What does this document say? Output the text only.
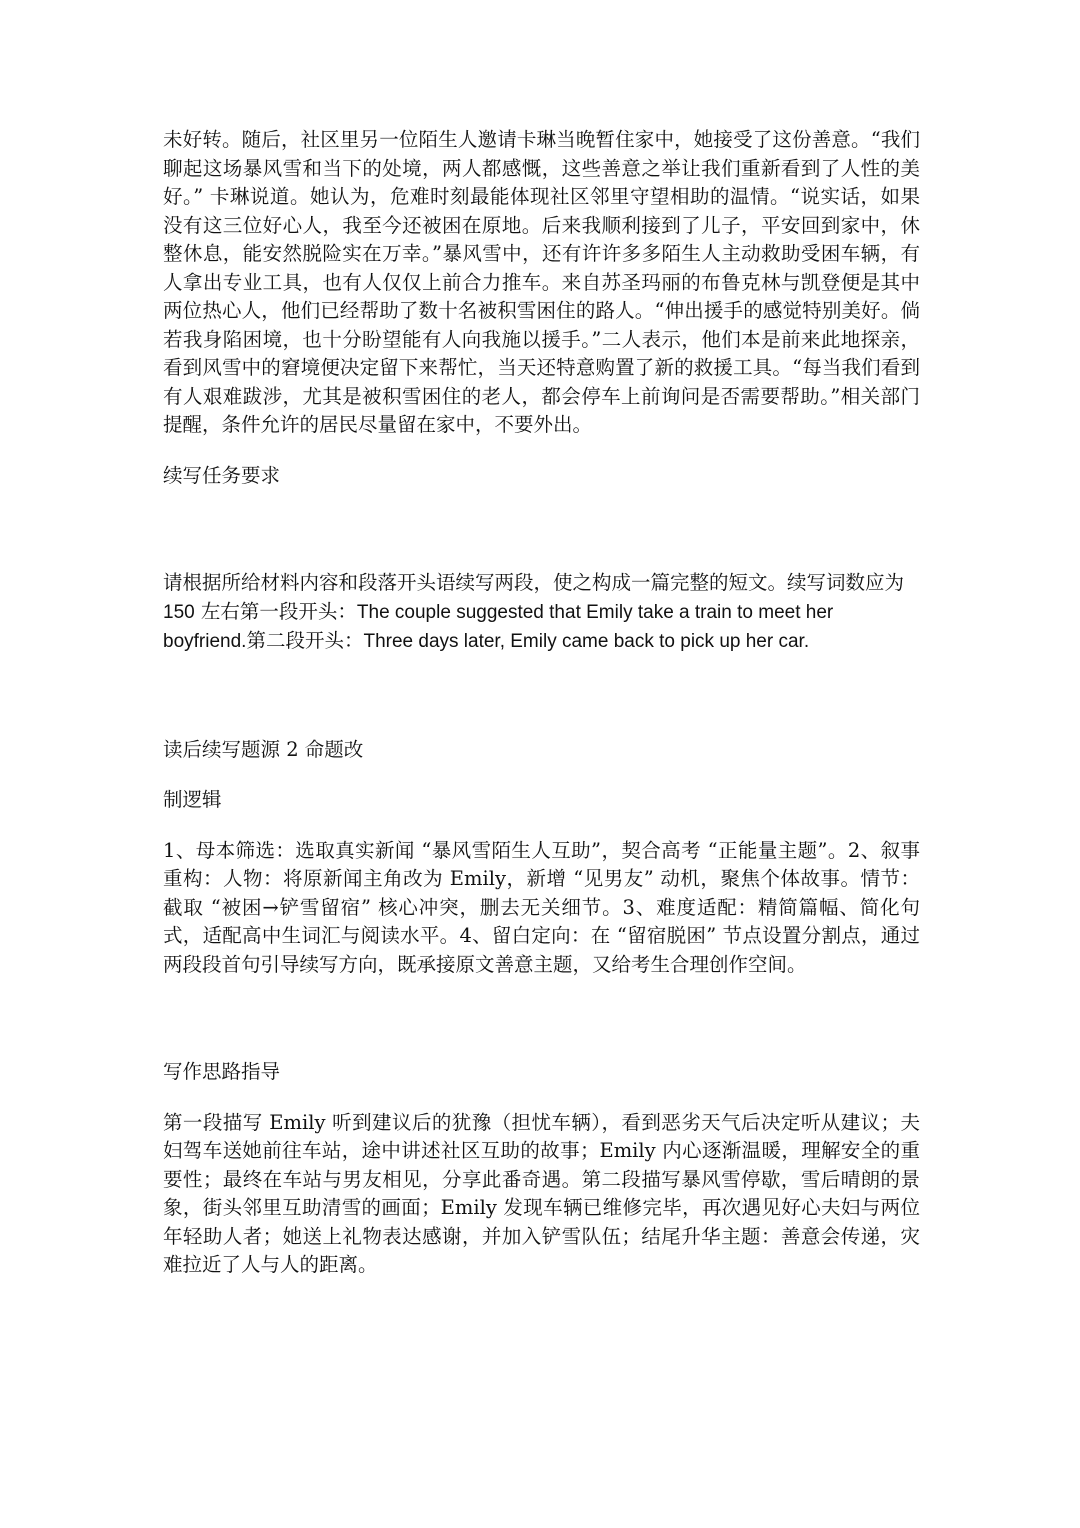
未好转。随后，社区里另一位陌生人邀请卡琳当晚暂住家中，她接受了这份善意。“我们聊起这场暴风雪和当下的处境，两人都感慨，这些善意之举让我们重新看到了人性的美好。” 卡琳说道。她认为，危难时刻最能体现社区邻里守望相助的温情。“说实话，如果没有这三位好心人，我至今还被困在原地。后来我顺利接到了儿子，平安回到家中，休整休息，能安然脱险实在万幸。”暴风雪中，还有许许多多陌生人主动救助受困车辆，有人拿出专业工具，也有人仅仅上前合力推车。来自苏圣玛丽的布鲁克林与凯登便是其中两位热心人，他们已经帮助了数十名被积雪困住的路人。“伸出援手的感觉特别美好。倘若我身陷困境，也十分盼望能有人向我施以援手。”二人表示，他们本是前来此地探亲，看到风雪中的窘境便决定留下来帮忙，当天还特意购置了新的救援工具。“每当我们看到有人艰难跋涉，尤其是被积雪困住的老人，都会停车上前询问是否需要帮助。”相关部门提醒，条件允许的居民尽量留在家中，不要外出。

续写任务要求

请根据所给材料内容和段落开头语续写两段，使之构成一篇完整的短文。续写词数应为 150 左右第一段开头：The couple suggested that Emily take a train to meet her boyfriend.第二段开头：Three days later, Emily came back to pick up her car.

读后续写题源 2 命题改

制逻辑

1、母本筛选：选取真实新闻 “暴风雪陌生人互助”，契合高考 “正能量主题”。2、叙事重构：人物：将原新闻主角改为 Emily，新增 “见男友” 动机，聚焦个体故事。情节：截取 “被困→铲雪留宿” 核心冲突，删去无关细节。3、难度适配：精简篇幅、简化句式，适配高中生词汇与阅读水平。4、留白定向：在 “留宿脱困” 节点设置分割点，通过两段段首句引导续写方向，既承接原文善意主题，又给考生合理创作空间。

写作思路指导

第一段描写 Emily 听到建议后的犹豫（担忧车辆），看到恶劣天气后决定听从建议；夫妇驾车送她前往车站，途中讲述社区互助的故事；Emily 内心逐渐温暖，理解安全的重要性；最终在车站与男友相见，分享此番奇遇。第二段描写暴风雪停歇，雪后晴朗的景象，街头邻里互助清雪的画面；Emily 发现车辆已维修完毕，再次遇见好心夫妇与两位年轻助人者；她送上礼物表达感谢，并加入铲雪队伍；结尾升华主题：善意会传递，灾难拉近了人与人的距离。
